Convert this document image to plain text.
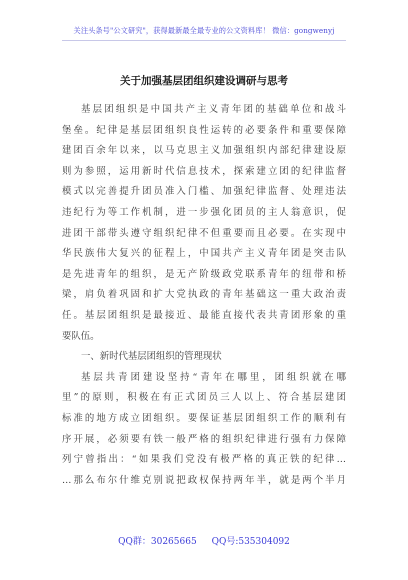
关注头条号"公文研究"，获得最新最全最专业的公文资料库！ 微信：gongwenyj
关于加强基层团组织建设调研与思考
基层团组织是中国共产主义青年团的基础单位和战斗
堡垒。纪律是基层团组织良性运转的必要条件和重要保障
建团百余年以来，以马克思主义加强组织内部纪律建设原
则为参照，运用新时代信息技术，探索建立团的纪律监督
模式以完善提升团员准入门槛、加强纪律监督、处理违法
违纪行为等工作机制，进一步强化团员的主人翁意识，促
进团干部带头遵守组织纪律不但重要而且必要。在实现中
华民族伟大复兴的征程上，中国共产主义青年团是突击队
是先进青年的组织，是无产阶级政党联系青年的纽带和桥
梁，肩负着巩固和扩大党执政的青年基础这一重大政治责
任。基层团组织是最接近、最能直接代表共青团形象的重
要队伍。
一、新时代基层团组织的管理现状
基层共青团建设坚持“青年在哪里，团组织就在哪
里”的原则，积极在有正式团员三人以上、符合基层建团
标准的地方成立团组织。要保证基层团组织工作的顺利有
序开展，必须要有铁一般严格的组织纪律进行强有力保障
列宁曾指出：“如果我们党没有极严格的真正铁的纪律…
…那么布尔什维克别说把政权保持两年半，就是两个半月
QQ群：30265665 QQ号:535304092
